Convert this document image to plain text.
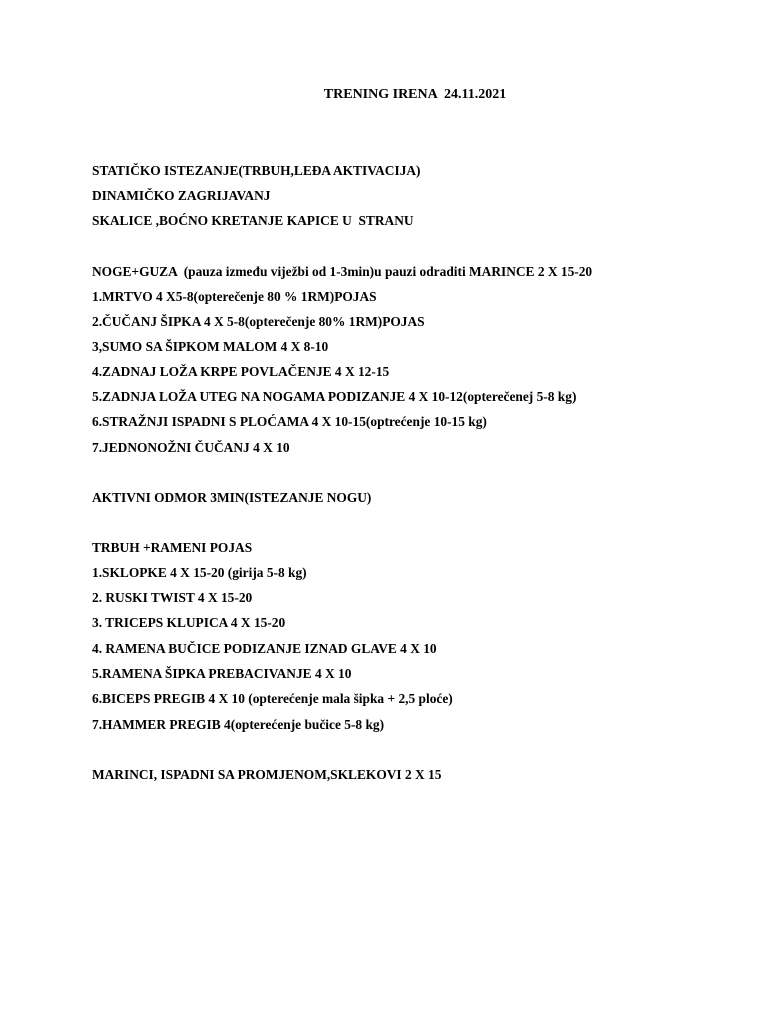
TRENING IRENA  24.11.2021
STATIČKO ISTEZANJE(TRBUH,LEĐA AKTIVACIJA)
DINAMIČKO ZAGRIJAVANJ
SKALICE ,BOĆNO KRETANJE KAPICE U  STRANU
NOGE+GUZA  (pauza između viježbi od 1-3min)u pauzi odraditi MARINCE 2 X 15-20
1.MRTVO 4 X5-8(opterečenje 80 % 1RM)POJAS
2.ČUČANJ ŠIPKA 4 X 5-8(opterečenje 80% 1RM)POJAS
3,SUMO SA ŠIPKOM MALOM 4 X 8-10
4.ZADNAJ LOŽA KRPE POVLAČENJE 4 X 12-15
5.ZADNJA LOŽA UTEG NA NOGAMA PODIZANJE 4 X 10-12(opterečenej 5-8 kg)
6.STRAŽNJI ISPADNI S PLOĆAMA 4 X 10-15(optrećenje 10-15 kg)
7.JEDNONOŽNI ČUČANJ 4 X 10
AKTIVNI ODMOR 3MIN(ISTEZANJE NOGU)
TRBUH +RAMENI POJAS
1.SKLOPKE 4 X 15-20 (girija 5-8 kg)
2. RUSKI TWIST 4 X 15-20
3. TRICEPS KLUPICA 4 X 15-20
4. RAMENA BUČICE PODIZANJE IZNAD GLAVE 4 X 10
5.RAMENA ŠIPKA PREBACIVANJE 4 X 10
6.BICEPS PREGIB 4 X 10 (opterećenje mala šipka + 2,5 ploće)
7.HAMMER PREGIB 4(opterećenje bučice 5-8 kg)
MARINCI, ISPADNI SA PROMJENOM,SKLEKOVI 2 X 15
